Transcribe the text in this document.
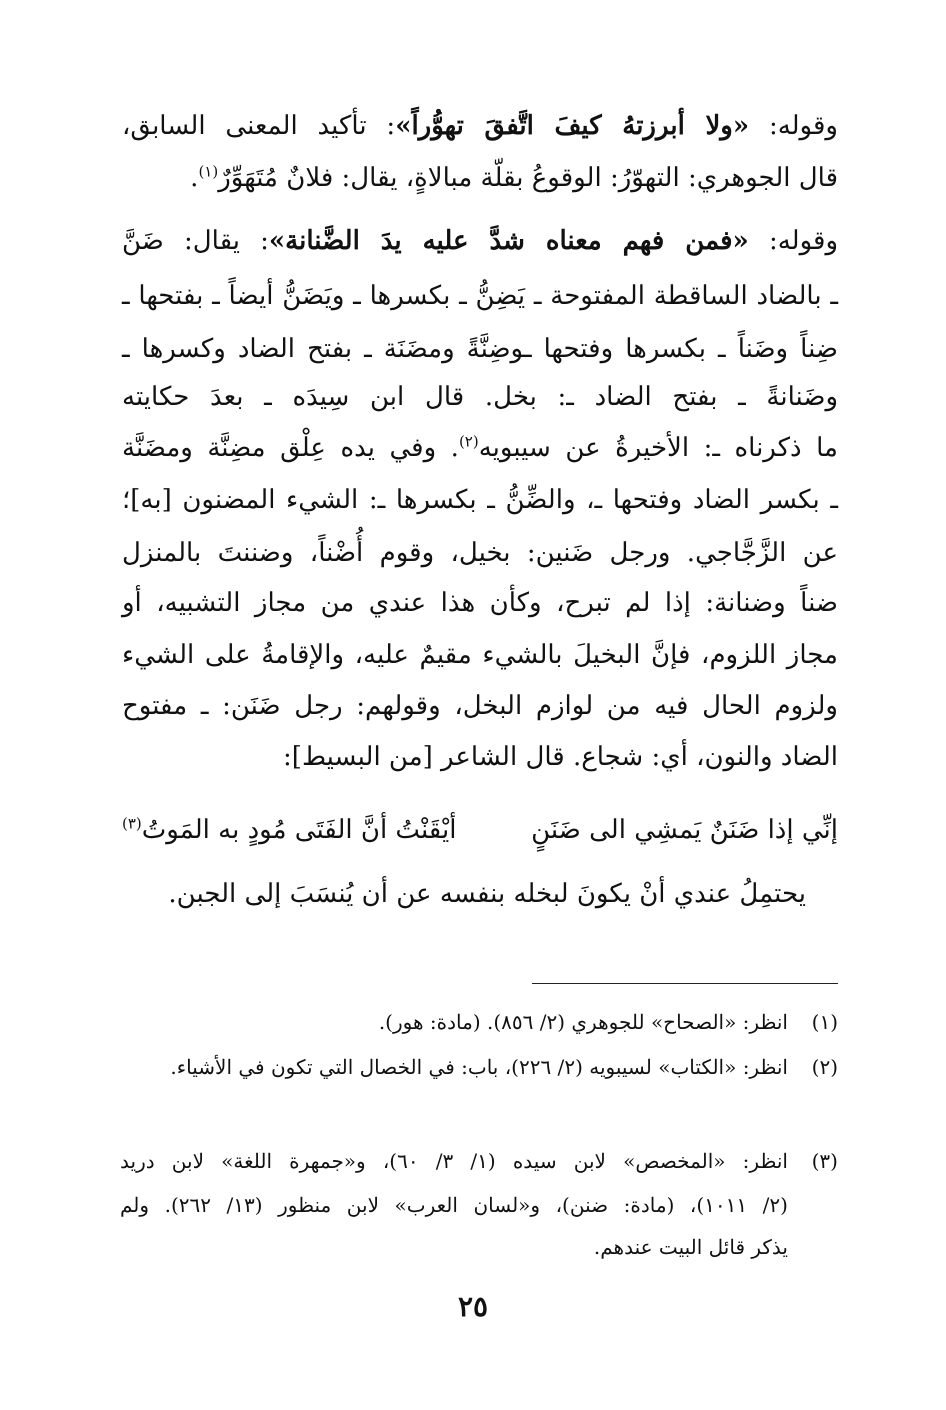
وقوله: «ولا أبرزتهُ كيفَ اتَّفقَ تهوُّراً»: تأكيد المعنى السابق،
قال الجوهري: التهوّرُ: الوقوعُ بقلّة مبالاةٍ، يقال: فلانٌ مُتَهَوِّرٌ$^{(١)}$.
وقوله: «فمن فهم معناه شدَّ عليه يدَ الضَّنانة»: يقال: ضَنَّ
ـ بالضاد الساقطة المفتوحة ـ يَضِنُّ ـ بكسرها ـ ويَضَنُّ أيضاً ـ بفتحها ـ
ضِناً وضَناً ـ بكسرها وفتحها ـوضِنَّةً ومضَنَة ـ بفتح الضاد وكسرها ـ
وضَنانةً ـ بفتح الضاد ـ: بخل. قال ابن سِيدَه ـ بعدَ حكايته
ما ذكرناه ـ: الأخيرةُ عن سيبويه$^{(٢)}$. وفي يده عِلْق مضِنَّة ومضَنَّة
ـ بكسر الضاد وفتحها ـ، والضِّنُّ ـ بكسرها ـ: الشيء المضنون [به]؛
عن الزَّجَّاجي. ورجل ضَنين: بخيل، وقوم أُضْناً، وضننتَ بالمنزل
ضناً وضنانة: إذا لم تبرح، وكأن هذا عندي من مجاز التشبيه، أو
مجاز اللزوم، فإنَّ البخيلَ بالشيء مقيمٌ عليه، والإقامةُ على الشيء
ولزوم الحال فيه من لوازم البخل، وقولهم: رجل ضَنَن: ـ مفتوح
الضاد والنون، أي: شجاع. قال الشاعر [من البسيط]:
إنِّي إذا ضَنَنٌ يَمشِي الى ضَنَنٍ
أيْقَنْتُ أنَّ الفَتَى مُودٍ به المَوتُ$^{(٣)}$
يحتمِلُ عندي أنْ يكونَ لبخله بنفسه عن أن يُنسَبَ إلى الجبن.
(١)انظر: «الصحاح» للجوهري (٢/ ٨٥٦). (مادة: هور).
(٢)انظر: «الكتاب» لسيبويه (٢/ ٢٢٦)، باب: في الخصال التي تكون في الأشياء.
(٣)انظر: «المخصص» لابن سيده (١/ ٣/ ٦٠)، و«جمهرة اللغة» لابن دريد
(٢/ ١٠١١)، (مادة: ضنن)، و«لسان العرب» لابن منظور (١٣/ ٢٦٢). ولم
يذكر قائل البيت عندهم.
٢٥
